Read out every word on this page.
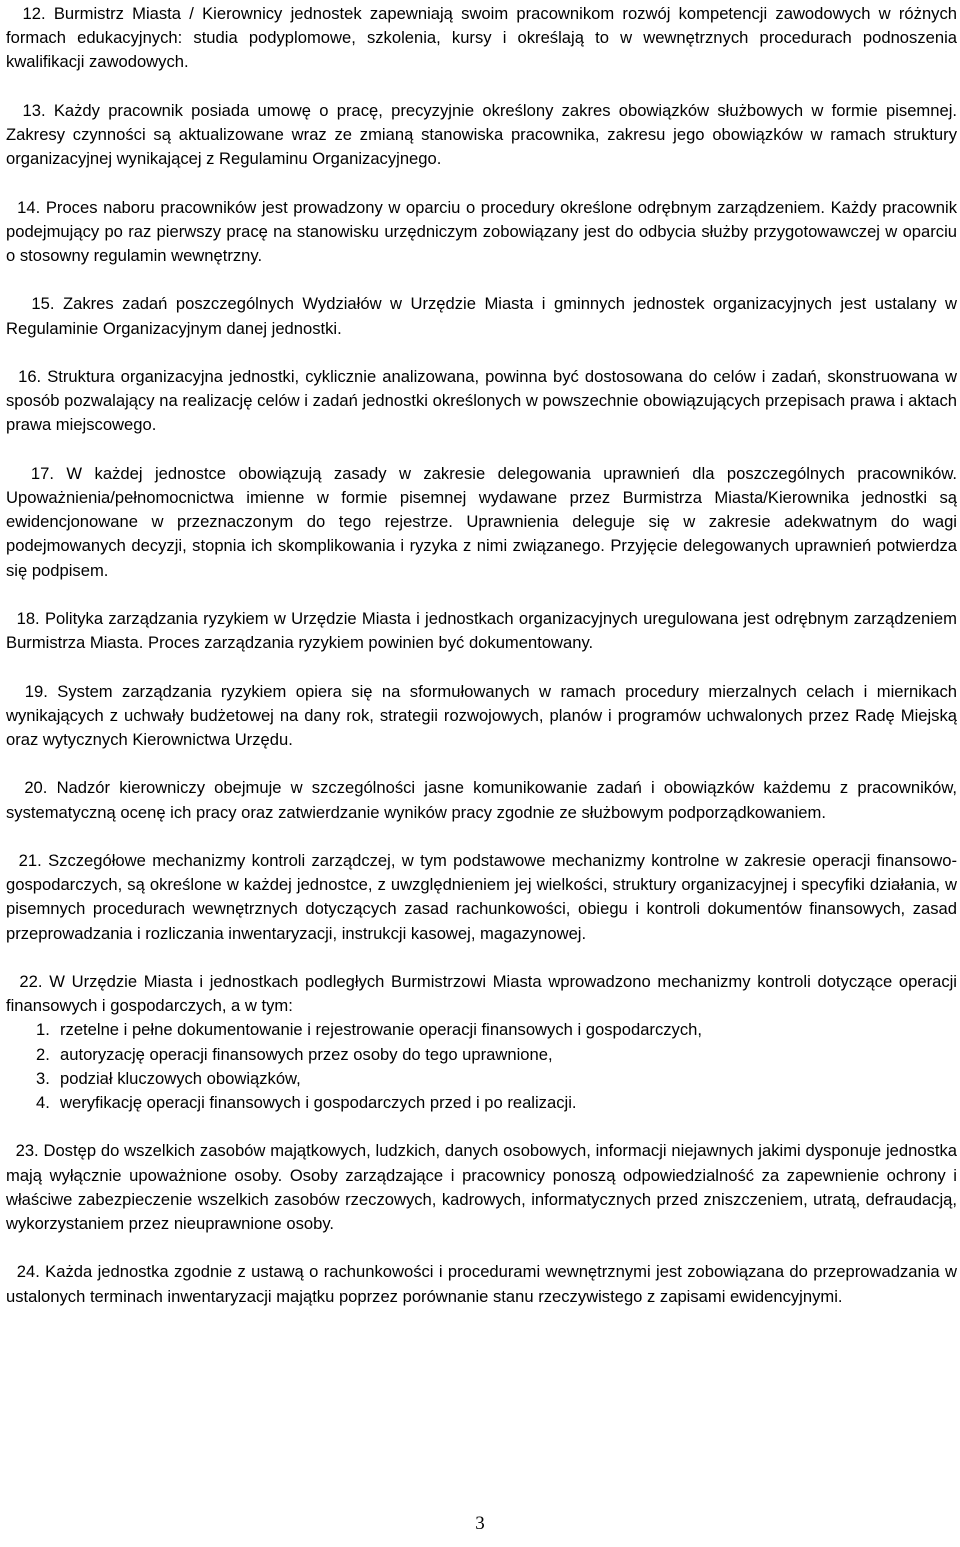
12. Burmistrz Miasta / Kierownicy jednostek zapewniają swoim pracownikom rozwój kompetencji zawodowych w różnych formach edukacyjnych: studia podyplomowe, szkolenia, kursy i określają to w wewnętrznych procedurach podnoszenia kwalifikacji zawodowych.

13. Każdy pracownik posiada umowę o pracę, precyzyjnie określony zakres obowiązków służbowych w formie pisemnej. Zakresy czynności są aktualizowane wraz ze zmianą stanowiska pracownika, zakresu jego obowiązków w ramach struktury organizacyjnej wynikającej z Regulaminu Organizacyjnego.

14. Proces naboru pracowników jest prowadzony w oparciu o procedury określone odrębnym zarządzeniem. Każdy pracownik podejmujący po raz pierwszy pracę na stanowisku urzędniczym zobowiązany jest do odbycia służby przygotowawczej w oparciu o stosowny regulamin wewnętrzny.

15. Zakres zadań poszczególnych Wydziałów w Urzędzie Miasta i gminnych jednostek organizacyjnych jest ustalany w Regulaminie Organizacyjnym danej jednostki.

16. Struktura organizacyjna jednostki, cyklicznie analizowana, powinna być dostosowana do celów i zadań, skonstruowana w sposób pozwalający na realizację celów i zadań jednostki określonych w powszechnie obowiązujących przepisach prawa i aktach prawa miejscowego.

17. W każdej jednostce obowiązują zasady w zakresie delegowania uprawnień dla poszczególnych pracowników. Upoważnienia/pełnomocnictwa imienne w formie pisemnej wydawane przez Burmistrza Miasta/Kierownika jednostki są ewidencjonowane w przeznaczonym do tego rejestrze. Uprawnienia deleguje się w zakresie adekwatnym do wagi podejmowanych decyzji, stopnia ich skomplikowania i ryzyka z nimi związanego. Przyjęcie delegowanych uprawnień potwierdza się podpisem.

18. Polityka zarządzania ryzykiem w Urzędzie Miasta i jednostkach organizacyjnych uregulowana jest odrębnym zarządzeniem Burmistrza Miasta. Proces zarządzania ryzykiem powinien być dokumentowany.

19. System zarządzania ryzykiem opiera się na sformułowanych w ramach procedury mierzalnych celach i miernikach wynikających z uchwały budżetowej na dany rok, strategii rozwojowych, planów i programów uchwalonych przez Radę Miejską oraz wytycznych Kierownictwa Urzędu.

20. Nadzór kierowniczy obejmuje w szczególności jasne komunikowanie zadań i obowiązków każdemu z pracowników, systematyczną ocenę ich pracy oraz zatwierdzanie wyników pracy zgodnie ze służbowym podporządkowaniem.

21. Szczegółowe mechanizmy kontroli zarządczej, w tym podstawowe mechanizmy kontrolne w zakresie operacji finansowo-gospodarczych, są określone w każdej jednostce, z uwzględnieniem jej wielkości, struktury organizacyjnej i specyfiki działania, w pisemnych procedurach wewnętrznych dotyczących zasad rachunkowości, obiegu i kontroli dokumentów finansowych, zasad przeprowadzania i rozliczania inwentaryzacji, instrukcji kasowej, magazynowej.

22. W Urzędzie Miasta i jednostkach podległych Burmistrzowi Miasta wprowadzono mechanizmy kontroli dotyczące operacji finansowych i gospodarczych, a w tym:

1. rzetelne i pełne dokumentowanie i rejestrowanie operacji finansowych i gospodarczych,
2. autoryzację operacji finansowych przez osoby do tego uprawnione,
3. podział kluczowych obowiązków,
4. weryfikację operacji finansowych i gospodarczych przed i po realizacji.

23. Dostęp do wszelkich zasobów majątkowych, ludzkich, danych osobowych, informacji niejawnych jakimi dysponuje jednostka mają wyłącznie upoważnione osoby. Osoby zarządzające i pracownicy ponoszą odpowiedzialność za zapewnienie ochrony i właściwe zabezpieczenie wszelkich zasobów rzeczowych, kadrowych, informatycznych przed zniszczeniem, utratą, defraudacją, wykorzystaniem przez nieuprawnione osoby.

24. Każda jednostka zgodnie z ustawą o rachunkowości i procedurami wewnętrznymi jest zobowiązana do przeprowadzania w ustalonych terminach inwentaryzacji majątku poprzez porównanie stanu rzeczywistego z zapisami ewidencyjnymi.

3
